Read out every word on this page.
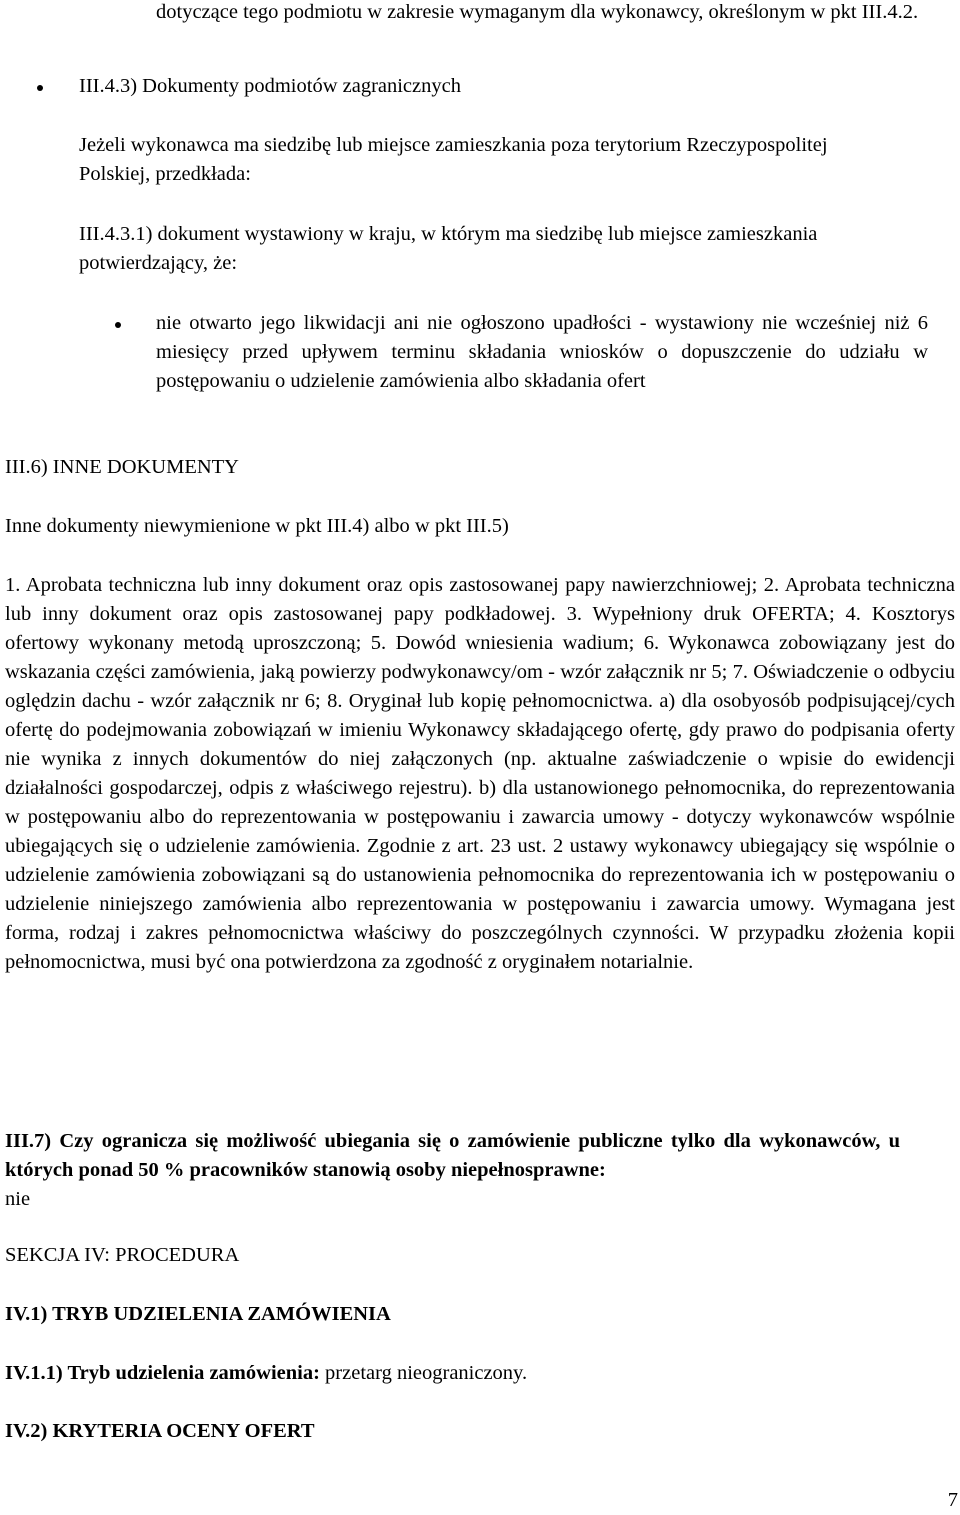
dotyczące tego podmiotu w zakresie wymaganym dla wykonawcy, określonym w pkt III.4.2.

III.4.3) Dokumenty podmiotów zagranicznych

Jeżeli wykonawca ma siedzibę lub miejsce zamieszkania poza terytorium Rzeczypospolitej Polskiej, przedkłada:

III.4.3.1) dokument wystawiony w kraju, w którym ma siedzibę lub miejsce zamieszkania potwierdzający, że:

nie otwarto jego likwidacji ani nie ogłoszono upadłości - wystawiony nie wcześniej niż 6 miesięcy przed upływem terminu składania wniosków o dopuszczenie do udziału w postępowaniu o udzielenie zamówienia albo składania ofert

III.6) INNE DOKUMENTY

Inne dokumenty niewymienione w pkt III.4) albo w pkt III.5)

1. Aprobata techniczna lub inny dokument oraz opis zastosowanej papy nawierzchniowej; 2. Aprobata techniczna lub inny dokument oraz opis zastosowanej papy podkładowej. 3. Wypełniony druk OFERTA; 4. Kosztorys ofertowy wykonany metodą uproszczoną; 5. Dowód wniesienia wadium; 6. Wykonawca zobowiązany jest do wskazania części zamówienia, jaką powierzy podwykonawcy/om - wzór załącznik nr 5; 7. Oświadczenie o odbyciu oględzin dachu - wzór załącznik nr 6; 8. Oryginał lub kopię pełnomocnictwa. a) dla osobyosób podpisującej/cych ofertę do podejmowania zobowiązań w imieniu Wykonawcy składającego ofertę, gdy prawo do podpisania oferty nie wynika z innych dokumentów do niej załączonych (np. aktualne zaświadczenie o wpisie do ewidencji działalności gospodarczej, odpis z właściwego rejestru). b) dla ustanowionego pełnomocnika, do reprezentowania w postępowaniu albo do reprezentowania w postępowaniu i zawarcia umowy - dotyczy wykonawców wspólnie ubiegających się o udzielenie zamówienia. Zgodnie z art. 23 ust. 2 ustawy wykonawcy ubiegający się wspólnie o udzielenie zamówienia zobowiązani są do ustanowienia pełnomocnika do reprezentowania ich w postępowaniu o udzielenie niniejszego zamówienia albo reprezentowania w postępowaniu i zawarcia umowy. Wymagana jest forma, rodzaj i zakres pełnomocnictwa właściwy do poszczególnych czynności. W przypadku złożenia kopii pełnomocnictwa, musi być ona potwierdzona za zgodność z oryginałem notarialnie.

III.7) Czy ogranicza się możliwość ubiegania się o zamówienie publiczne tylko dla wykonawców, u których ponad 50 % pracowników stanowią osoby niepełnosprawne:

nie

SEKCJA IV: PROCEDURA

IV.1) TRYB UDZIELENIA ZAMÓWIENIA

IV.1.1) Tryb udzielenia zamówienia: przetarg nieograniczony.

IV.2) KRYTERIA OCENY OFERT

7
